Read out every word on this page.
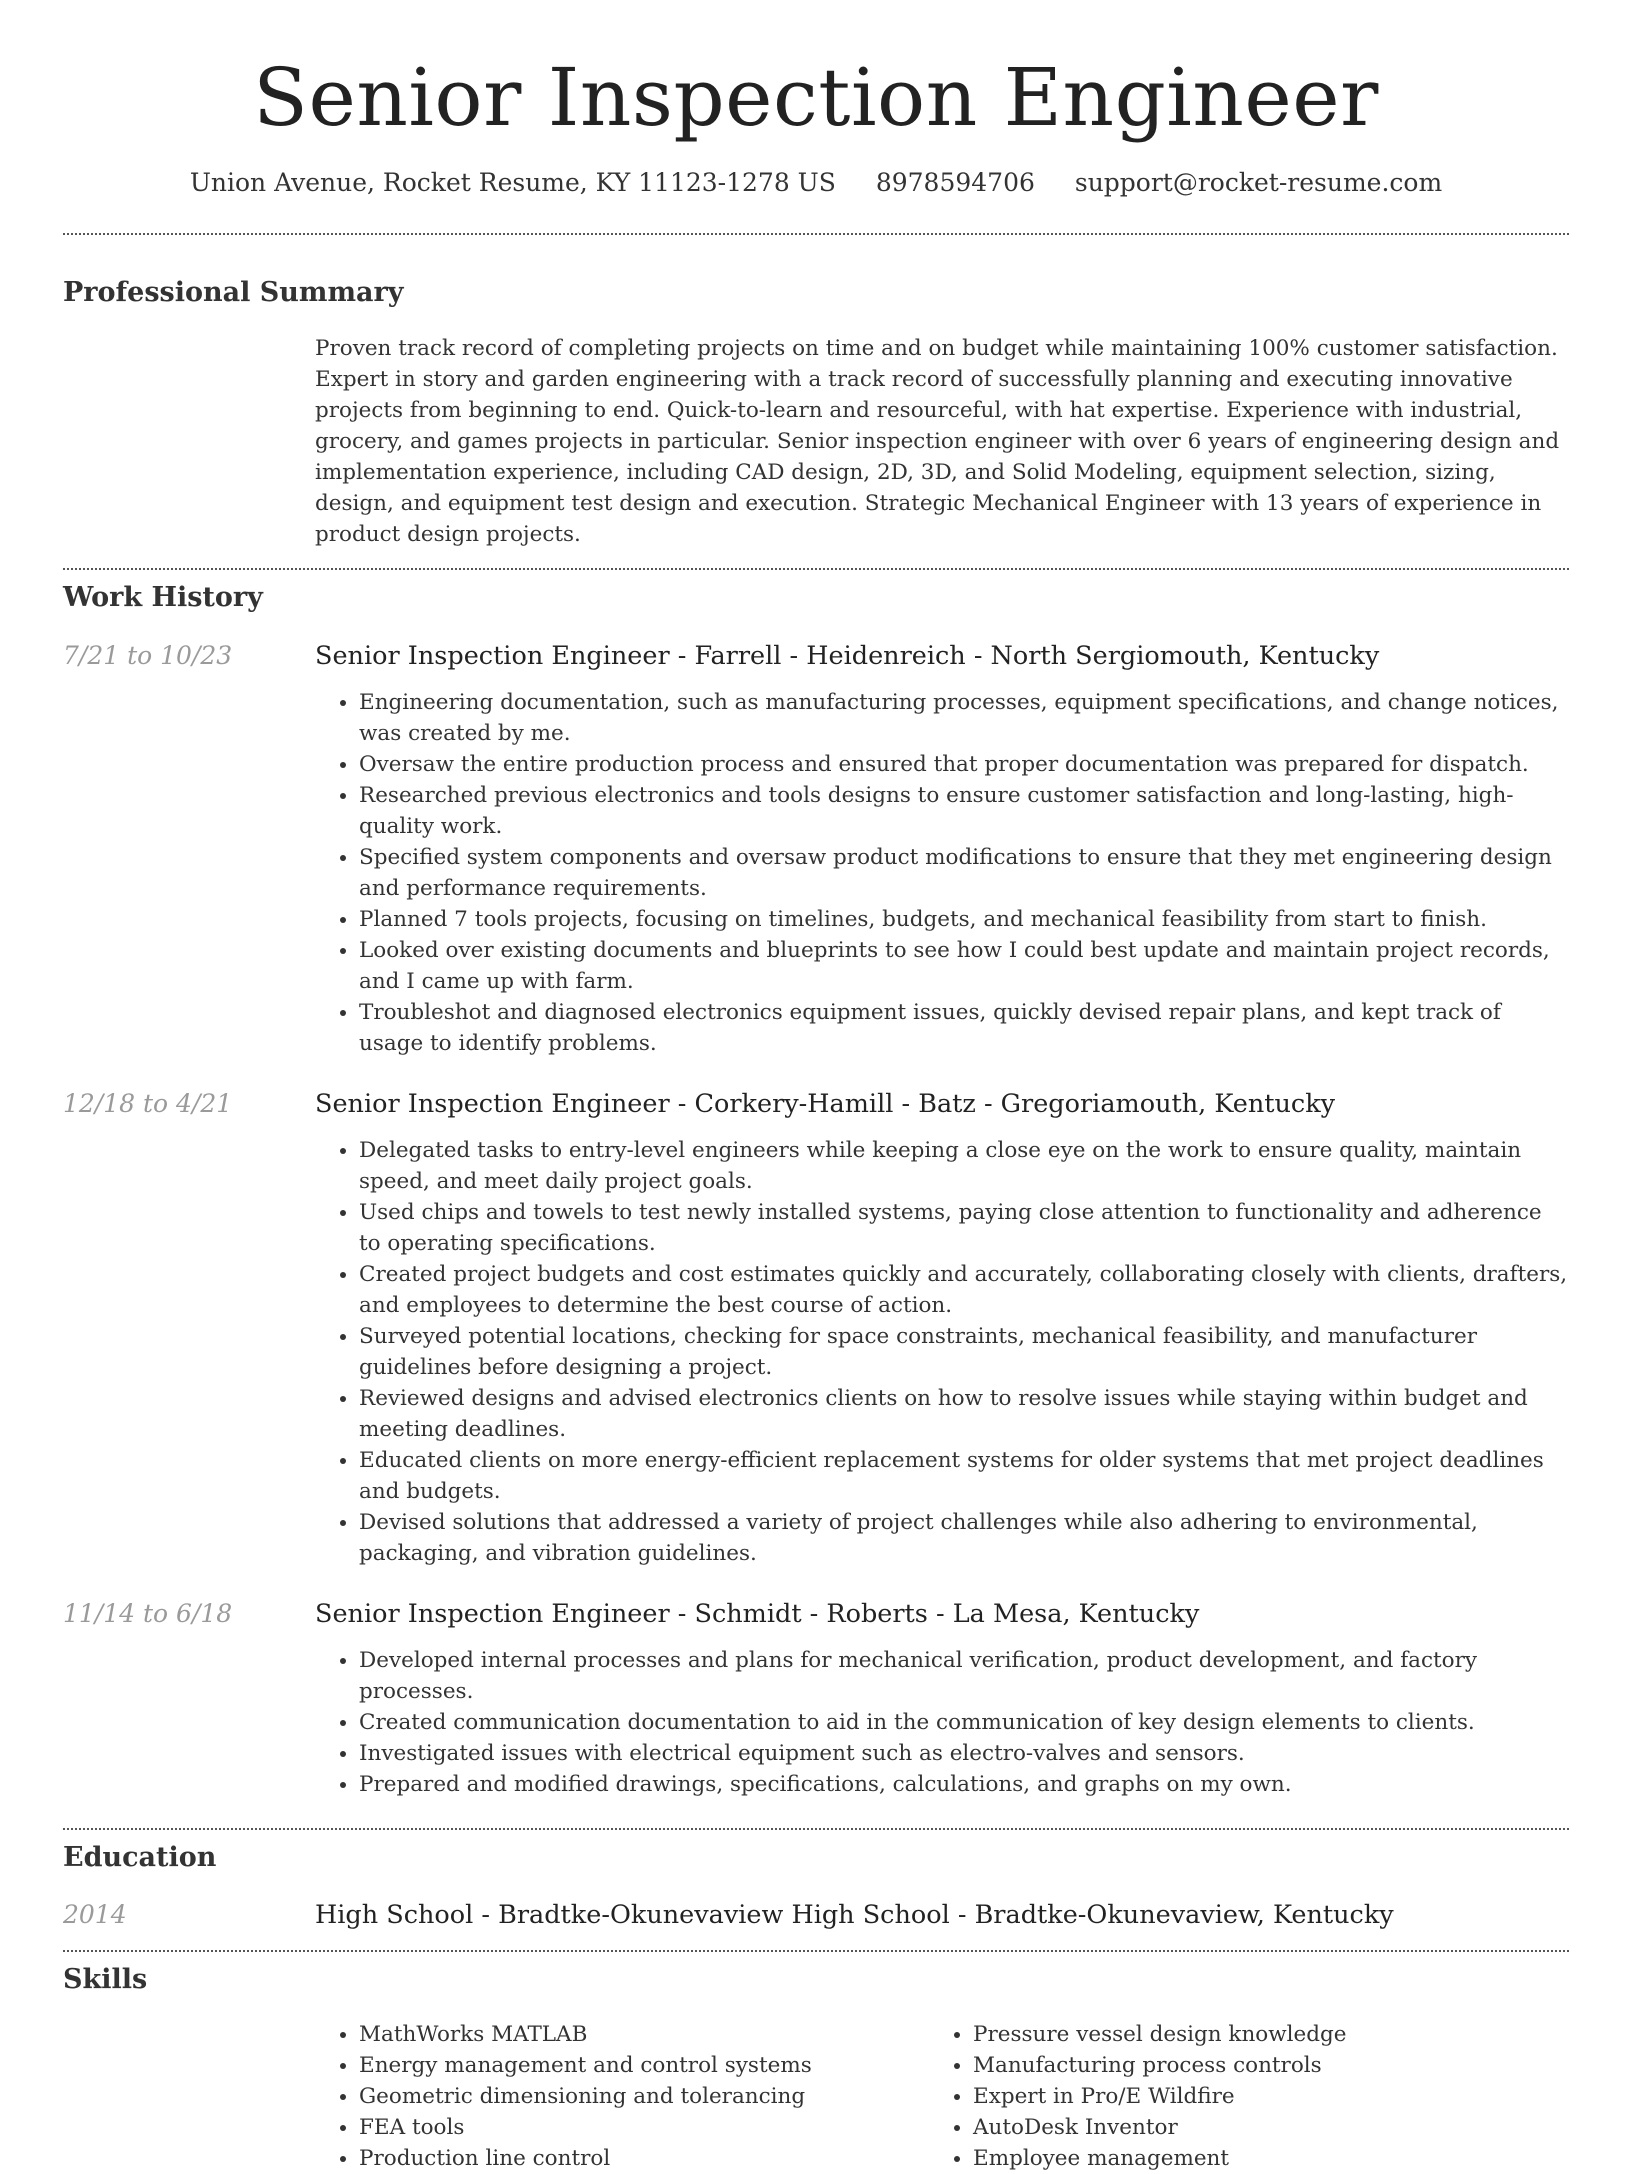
Senior Inspection Engineer
Union Avenue, Rocket Resume, KY 11123-1278 US 8978594706 support@rocket-resume.com
Professional Summary

Proven track record of completing projects on time and on budget while maintaining 100% customer satisfaction. Expert in story and garden engineering with a track record of successfully planning and executing innovative projects from beginning to end. Quick-to-learn and resourceful, with hat expertise. Experience with industrial, grocery, and games projects in particular. Senior inspection engineer with over 6 years of engineering design and implementation experience, including CAD design, 2D, 3D, and Solid Modeling, equipment selection, sizing, design, and equipment test design and execution. Strategic Mechanical Engineer with 13 years of experience in product design projects.

Work History
7/21 to 10/23	Senior Inspection Engineer - Farrell - Heidenreich - North Sergiomouth, Kentucky
• Engineering documentation, such as manufacturing processes, equipment specifications, and change notices, was created by me.
• Oversaw the entire production process and ensured that proper documentation was prepared for dispatch.
• Researched previous electronics and tools designs to ensure customer satisfaction and long-lasting, high-quality work.
• Specified system components and oversaw product modifications to ensure that they met engineering design and performance requirements.
• Planned 7 tools projects, focusing on timelines, budgets, and mechanical feasibility from start to finish.
• Looked over existing documents and blueprints to see how I could best update and maintain project records, and I came up with farm.
• Troubleshot and diagnosed electronics equipment issues, quickly devised repair plans, and kept track of usage to identify problems.
12/18 to 4/21	Senior Inspection Engineer - Corkery-Hamill - Batz - Gregoriamouth, Kentucky
• Delegated tasks to entry-level engineers while keeping a close eye on the work to ensure quality, maintain speed, and meet daily project goals.
• Used chips and towels to test newly installed systems, paying close attention to functionality and adherence to operating specifications.
• Created project budgets and cost estimates quickly and accurately, collaborating closely with clients, drafters, and employees to determine the best course of action.
• Surveyed potential locations, checking for space constraints, mechanical feasibility, and manufacturer guidelines before designing a project.
• Reviewed designs and advised electronics clients on how to resolve issues while staying within budget and meeting deadlines.
• Educated clients on more energy-efficient replacement systems for older systems that met project deadlines and budgets.
• Devised solutions that addressed a variety of project challenges while also adhering to environmental, packaging, and vibration guidelines.
11/14 to 6/18	Senior Inspection Engineer - Schmidt - Roberts - La Mesa, Kentucky
• Developed internal processes and plans for mechanical verification, product development, and factory processes.
• Created communication documentation to aid in the communication of key design elements to clients.
• Investigated issues with electrical equipment such as electro-valves and sensors.
• Prepared and modified drawings, specifications, calculations, and graphs on my own.
Education
2014	High School - Bradtke-Okunevaview High School - Bradtke-Okunevaview, Kentucky
Skills
• MathWorks MATLAB
• Energy management and control systems
• Geometric dimensioning and tolerancing
• FEA tools
• Production line control
• Pressure vessel design knowledge
• Manufacturing process controls
• Expert in Pro/E Wildfire
• AutoDesk Inventor
• Employee management
